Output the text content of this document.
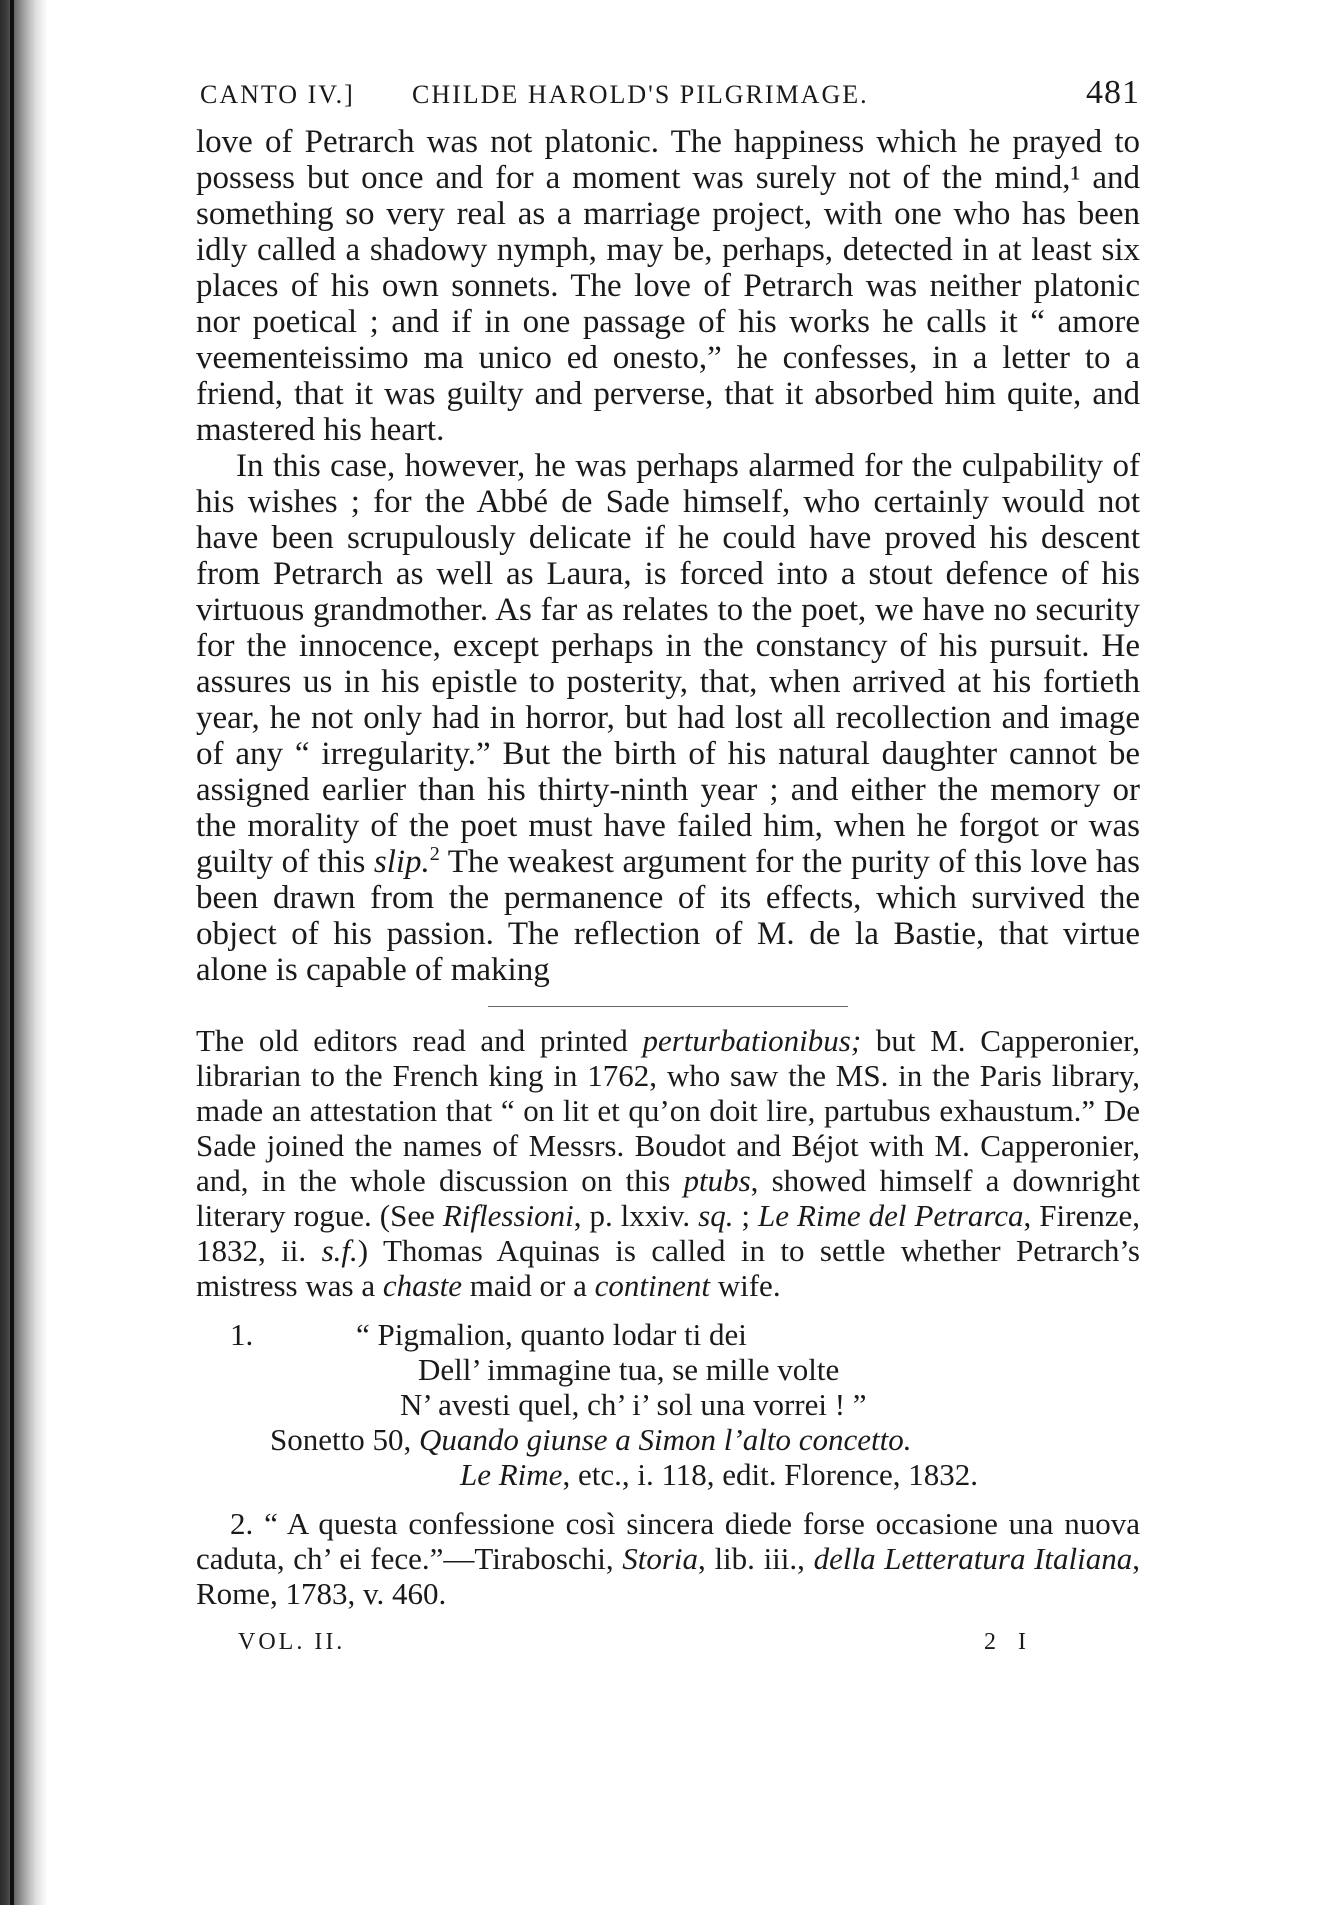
CANTO IV.] CHILDE HAROLD'S PILGRIMAGE.	481

love of Petrarch was not platonic. The happiness which he prayed to possess but once and for a moment was surely not of the mind,¹ and something so very real as a marriage project, with one who has been idly called a shadowy nymph, may be, perhaps, detected in at least six places of his own sonnets. The love of Petrarch was neither platonic nor poetical ; and if in one passage of his works he calls it “ amore veementeissimo ma unico ed onesto,” he confesses, in a letter to a friend, that it was guilty and perverse, that it absorbed him quite, and mastered his heart.

In this case, however, he was perhaps alarmed for the culpability of his wishes ; for the Abbé de Sade himself, who certainly would not have been scrupulously delicate if he could have proved his descent from Petrarch as well as Laura, is forced into a stout defence of his virtuous grandmother. As far as relates to the poet, we have no security for the innocence, except perhaps in the constancy of his pursuit. He assures us in his epistle to posterity, that, when arrived at his fortieth year, he not only had in horror, but had lost all recollection and image of any “ irregularity.” But the birth of his natural daughter cannot be assigned earlier than his thirty-ninth year ; and either the memory or the morality of the poet must have failed him, when he forgot or was guilty of this slip.$^2$ The weakest argument for the purity of this love has been drawn from the permanence of its effects, which survived the object of his passion. The reflection of M. de la Bastie, that virtue alone is capable of making

The old editors read and printed perturbationibus; but M. Capperonier, librarian to the French king in 1762, who saw the MS. in the Paris library, made an attestation that “ on lit et qu’on doit lire, partubus exhaustum.” De Sade joined the names of Messrs. Boudot and Béjot with M. Capperonier, and, in the whole discussion on this ptubs, showed himself a downright literary rogue. (See Riflessioni, p. lxxiv. sq. ; Le Rime del Petrarca, Firenze, 1832, ii. s.f.) Thomas Aquinas is called in to settle whether Petrarch’s mistress was a chaste maid or a continent wife.

1.	“ Pigmalion, quanto lodar ti dei
Dell’ immagine tua, se mille volte
N’ avesti quel, ch’ i’ sol una vorrei ! ”
Sonetto 50, Quando giunse a Simon l’alto concetto.
Le Rime, etc., i. 118, edit. Florence, 1832.

2. “ A questa confessione così sincera diede forse occasione una nuova caduta, ch’ ei fece.”—Tiraboschi, Storia, lib. iii., della Letteratura Italiana, Rome, 1783, v. 460.

VOL. II.	2 I
